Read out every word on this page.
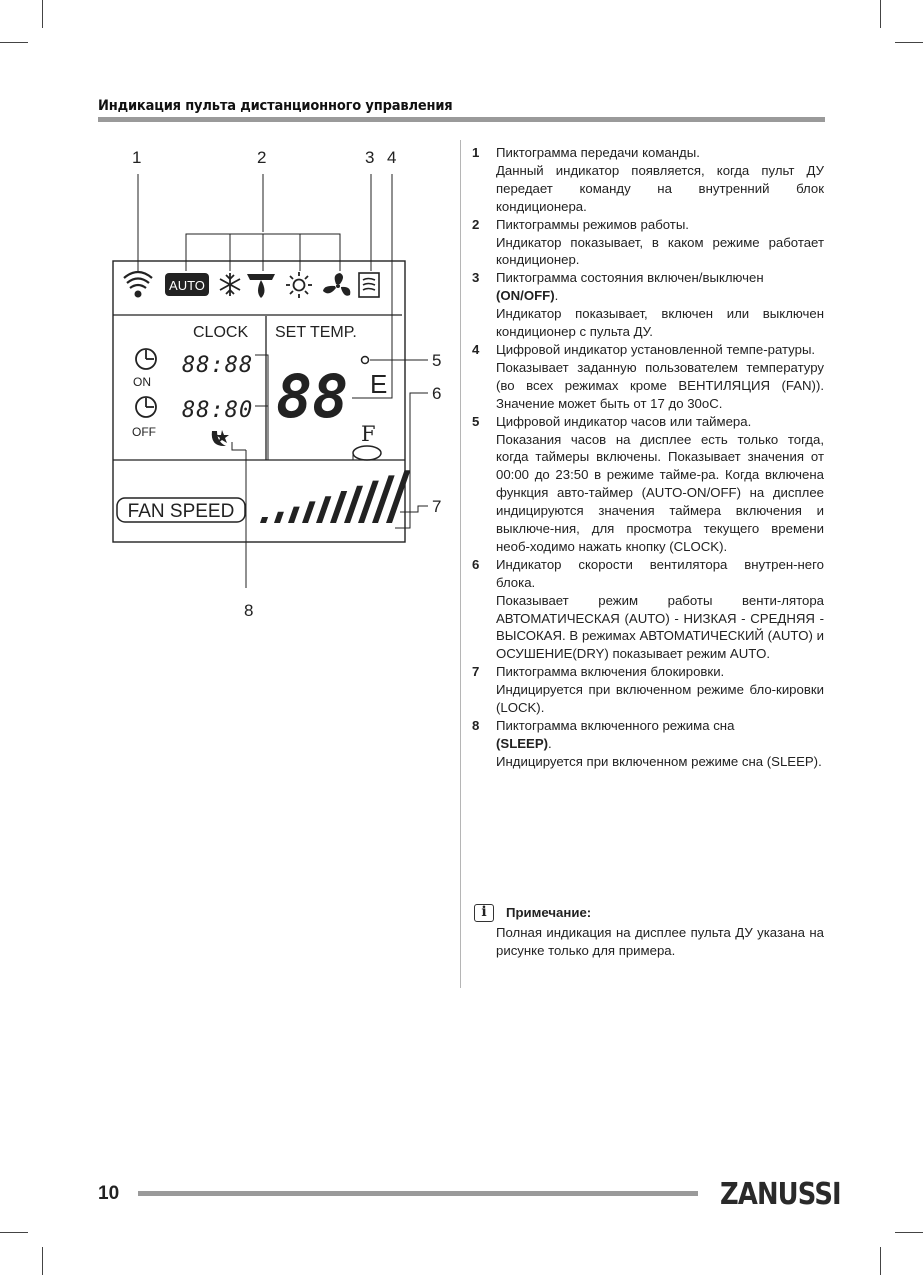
Индикация пульта дистанционного управления
1	2	3 4
5
6
7
8
AUTO
CLOCK SET TEMP.
ON
OFF
88:88
88:80 88 E
F
FAN SPEED
1 Пиктограмма передачи команды.

Данный индикатор появляется, когда пульт ДУ передает команду на внутренний блок кондиционера.

2 Пиктограммы режимов работы.

Индикатор показывает, в каком режиме работает кондиционер.

3 Пиктограмма состояния включен/выключен

(ON/OFF).

Индикатор показывает, включен или выключен кондиционер с пульта ДУ.

4 Цифровой индикатор установленной темпе-ратуры.

Показывает заданную пользователем температуру (во всех режимах кроме ВЕНТИЛЯЦИЯ (FAN)). Значение может быть от 17 до 30оС.

5 Цифровой индикатор часов или таймера.

Показания часов на дисплее есть только тогда, когда таймеры включены. Показывает значения от 00:00 до 23:50 в режиме тайме-ра. Когда включена функция авто-таймер (AUTO-ON/OFF) на дисплее индицируются значения таймера включения и выключе-ния, для просмотра текущего времени необ-ходимо нажать кнопку (CLOCK).

6 Индикатор скорости вентилятора внутрен-него блока.

Показывает режим работы венти-лятора АВТОМАТИЧЕСКАЯ (AUTO) - НИЗКАЯ - СРЕДНЯЯ - ВЫСОКАЯ. В режимах АВТОМАТИЧЕСКИЙ (AUTO) и ОСУШЕНИЕ(DRY) показывает режим AUTO.

7 Пиктограмма включения блокировки.

Индицируется при включенном режиме бло-кировки (LOCK).

8 Пиктограмма включенного режима сна

(SLEEP).

Индицируется при включенном режиме сна (SLEEP).

i	Примечание:

Полная индикация на дисплее пульта ДУ указана на рисунке только для примера.

10	ZANUSSI
